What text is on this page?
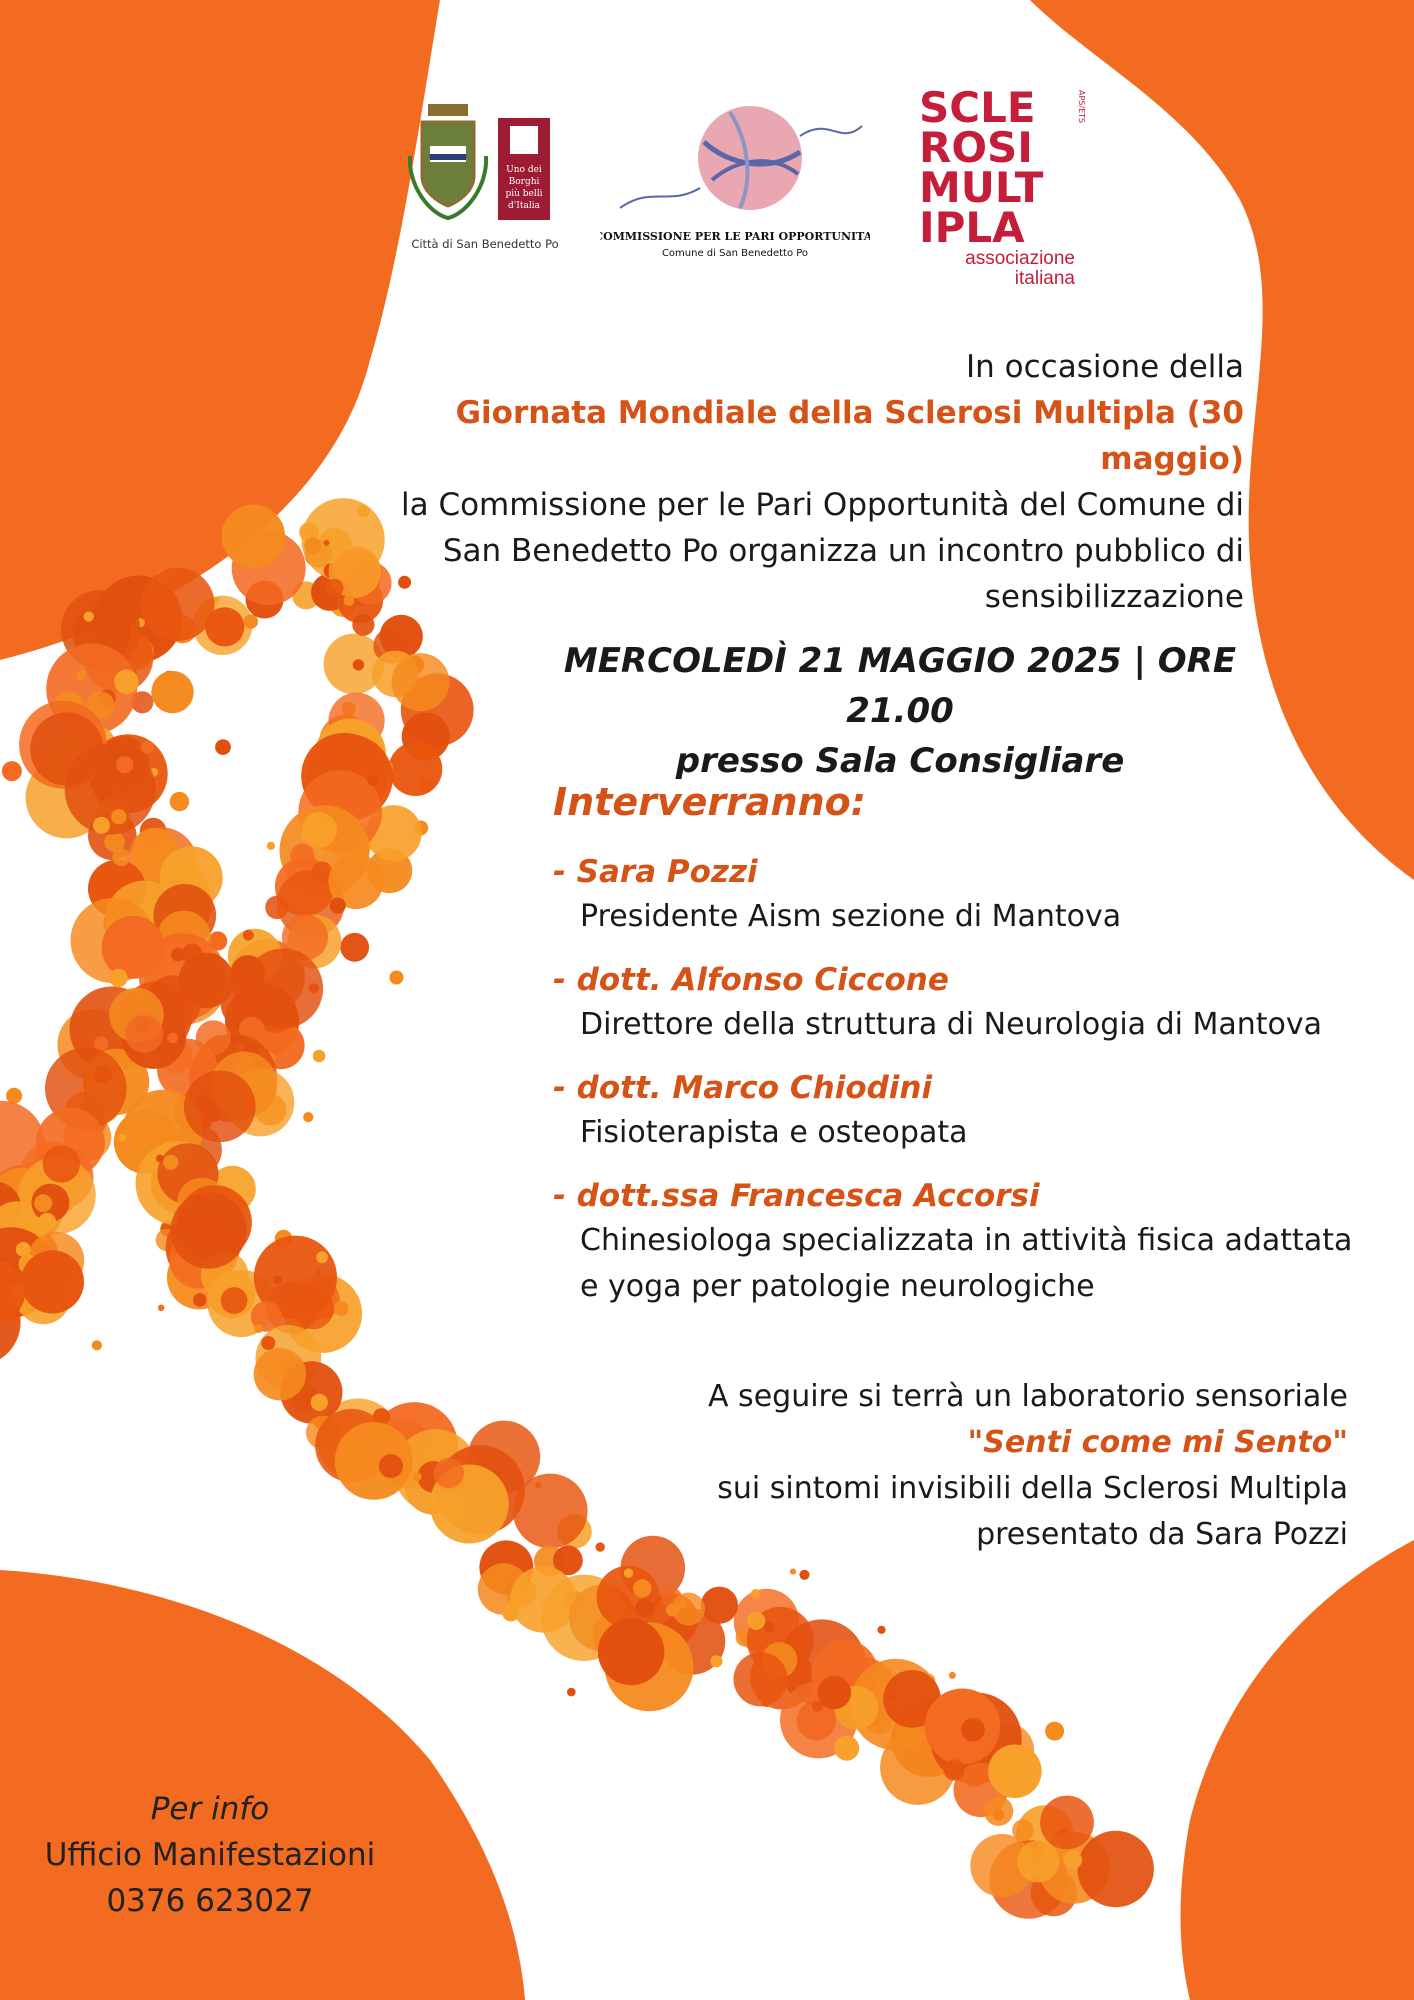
Uno dei
Borghi
più belli
d'Italia
Città di San Benedetto Po
COMMISSIONE PER LE PARI OPPORTUNITA'
Comune di San Benedetto Po
SCLE
ROSI
MULT
IPLA
APS/ETS
associazione
italiana
In occasione della
Giornata Mondiale della Sclerosi Multipla (30 maggio)
la Commissione per le Pari Opportunità del Comune di
San Benedetto Po organizza un incontro pubblico di
sensibilizzazione
MERCOLEDÌ 21 MAGGIO 2025 | ORE 21.00
presso Sala Consigliare
Interverranno:
- Sara Pozzi
Presidente Aism sezione di Mantova
- dott. Alfonso Ciccone
Direttore della struttura di Neurologia di Mantova
- dott. Marco Chiodini
Fisioterapista e osteopata
- dott.ssa Francesca Accorsi
Chinesiologa specializzata in attività fisica adattata
e yoga per patologie neurologiche
A seguire si terrà un laboratorio sensoriale
"Senti come mi Sento"
sui sintomi invisibili della Sclerosi Multipla
presentato da Sara Pozzi
Per info
Ufficio Manifestazioni
0376 623027
